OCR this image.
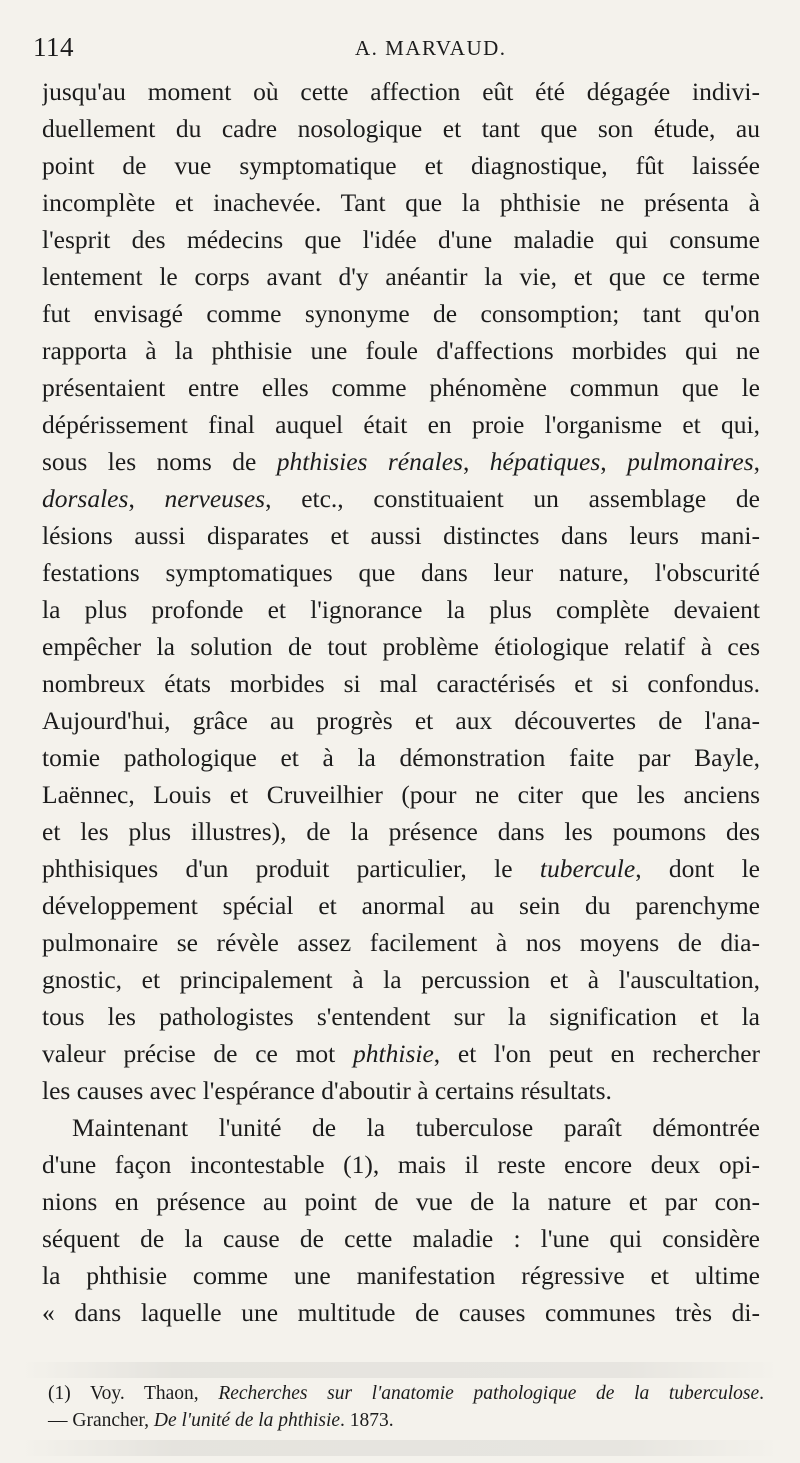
114	A. MARVAUD.
jusqu'au moment où cette affection eût été dégagée indivi-
duellement du cadre nosologique et tant que son étude, au
point de vue symptomatique et diagnostique, fût laissée
incomplète et inachevée. Tant que la phthisie ne présenta à
l'esprit des médecins que l'idée d'une maladie qui consume
lentement le corps avant d'y anéantir la vie, et que ce terme
fut envisagé comme synonyme de consomption; tant qu'on
rapporta à la phthisie une foule d'affections morbides qui ne
présentaient entre elles comme phénomène commun que le
dépérissement final auquel était en proie l'organisme et qui,
sous les noms de phthisies rénales, hépatiques, pulmonaires,
dorsales, nerveuses, etc., constituaient un assemblage de
lésions aussi disparates et aussi distinctes dans leurs mani-
festations symptomatiques que dans leur nature, l'obscurité
la plus profonde et l'ignorance la plus complète devaient
empêcher la solution de tout problème étiologique relatif à ces
nombreux états morbides si mal caractérisés et si confondus.
Aujourd'hui, grâce au progrès et aux découvertes de l'ana-
tomie pathologique et à la démonstration faite par Bayle,
Laënnec, Louis et Cruveilhier (pour ne citer que les anciens
et les plus illustres), de la présence dans les poumons des
phthisiques d'un produit particulier, le tubercule, dont le
développement spécial et anormal au sein du parenchyme
pulmonaire se révèle assez facilement à nos moyens de dia-
gnostic, et principalement à la percussion et à l'auscultation,
tous les pathologistes s'entendent sur la signification et la
valeur précise de ce mot phthisie, et l'on peut en rechercher
les causes avec l'espérance d'aboutir à certains résultats.
Maintenant l'unité de la tuberculose paraît démontrée
d'une façon incontestable (1), mais il reste encore deux opi-
nions en présence au point de vue de la nature et par con-
séquent de la cause de cette maladie : l'une qui considère
la phthisie comme une manifestation régressive et ultime
« dans laquelle une multitude de causes communes très di-
(1) Voy. Thaon, Recherches sur l'anatomie pathologique de la tuberculose.
— Grancher, De l'unité de la phthisie. 1873.
